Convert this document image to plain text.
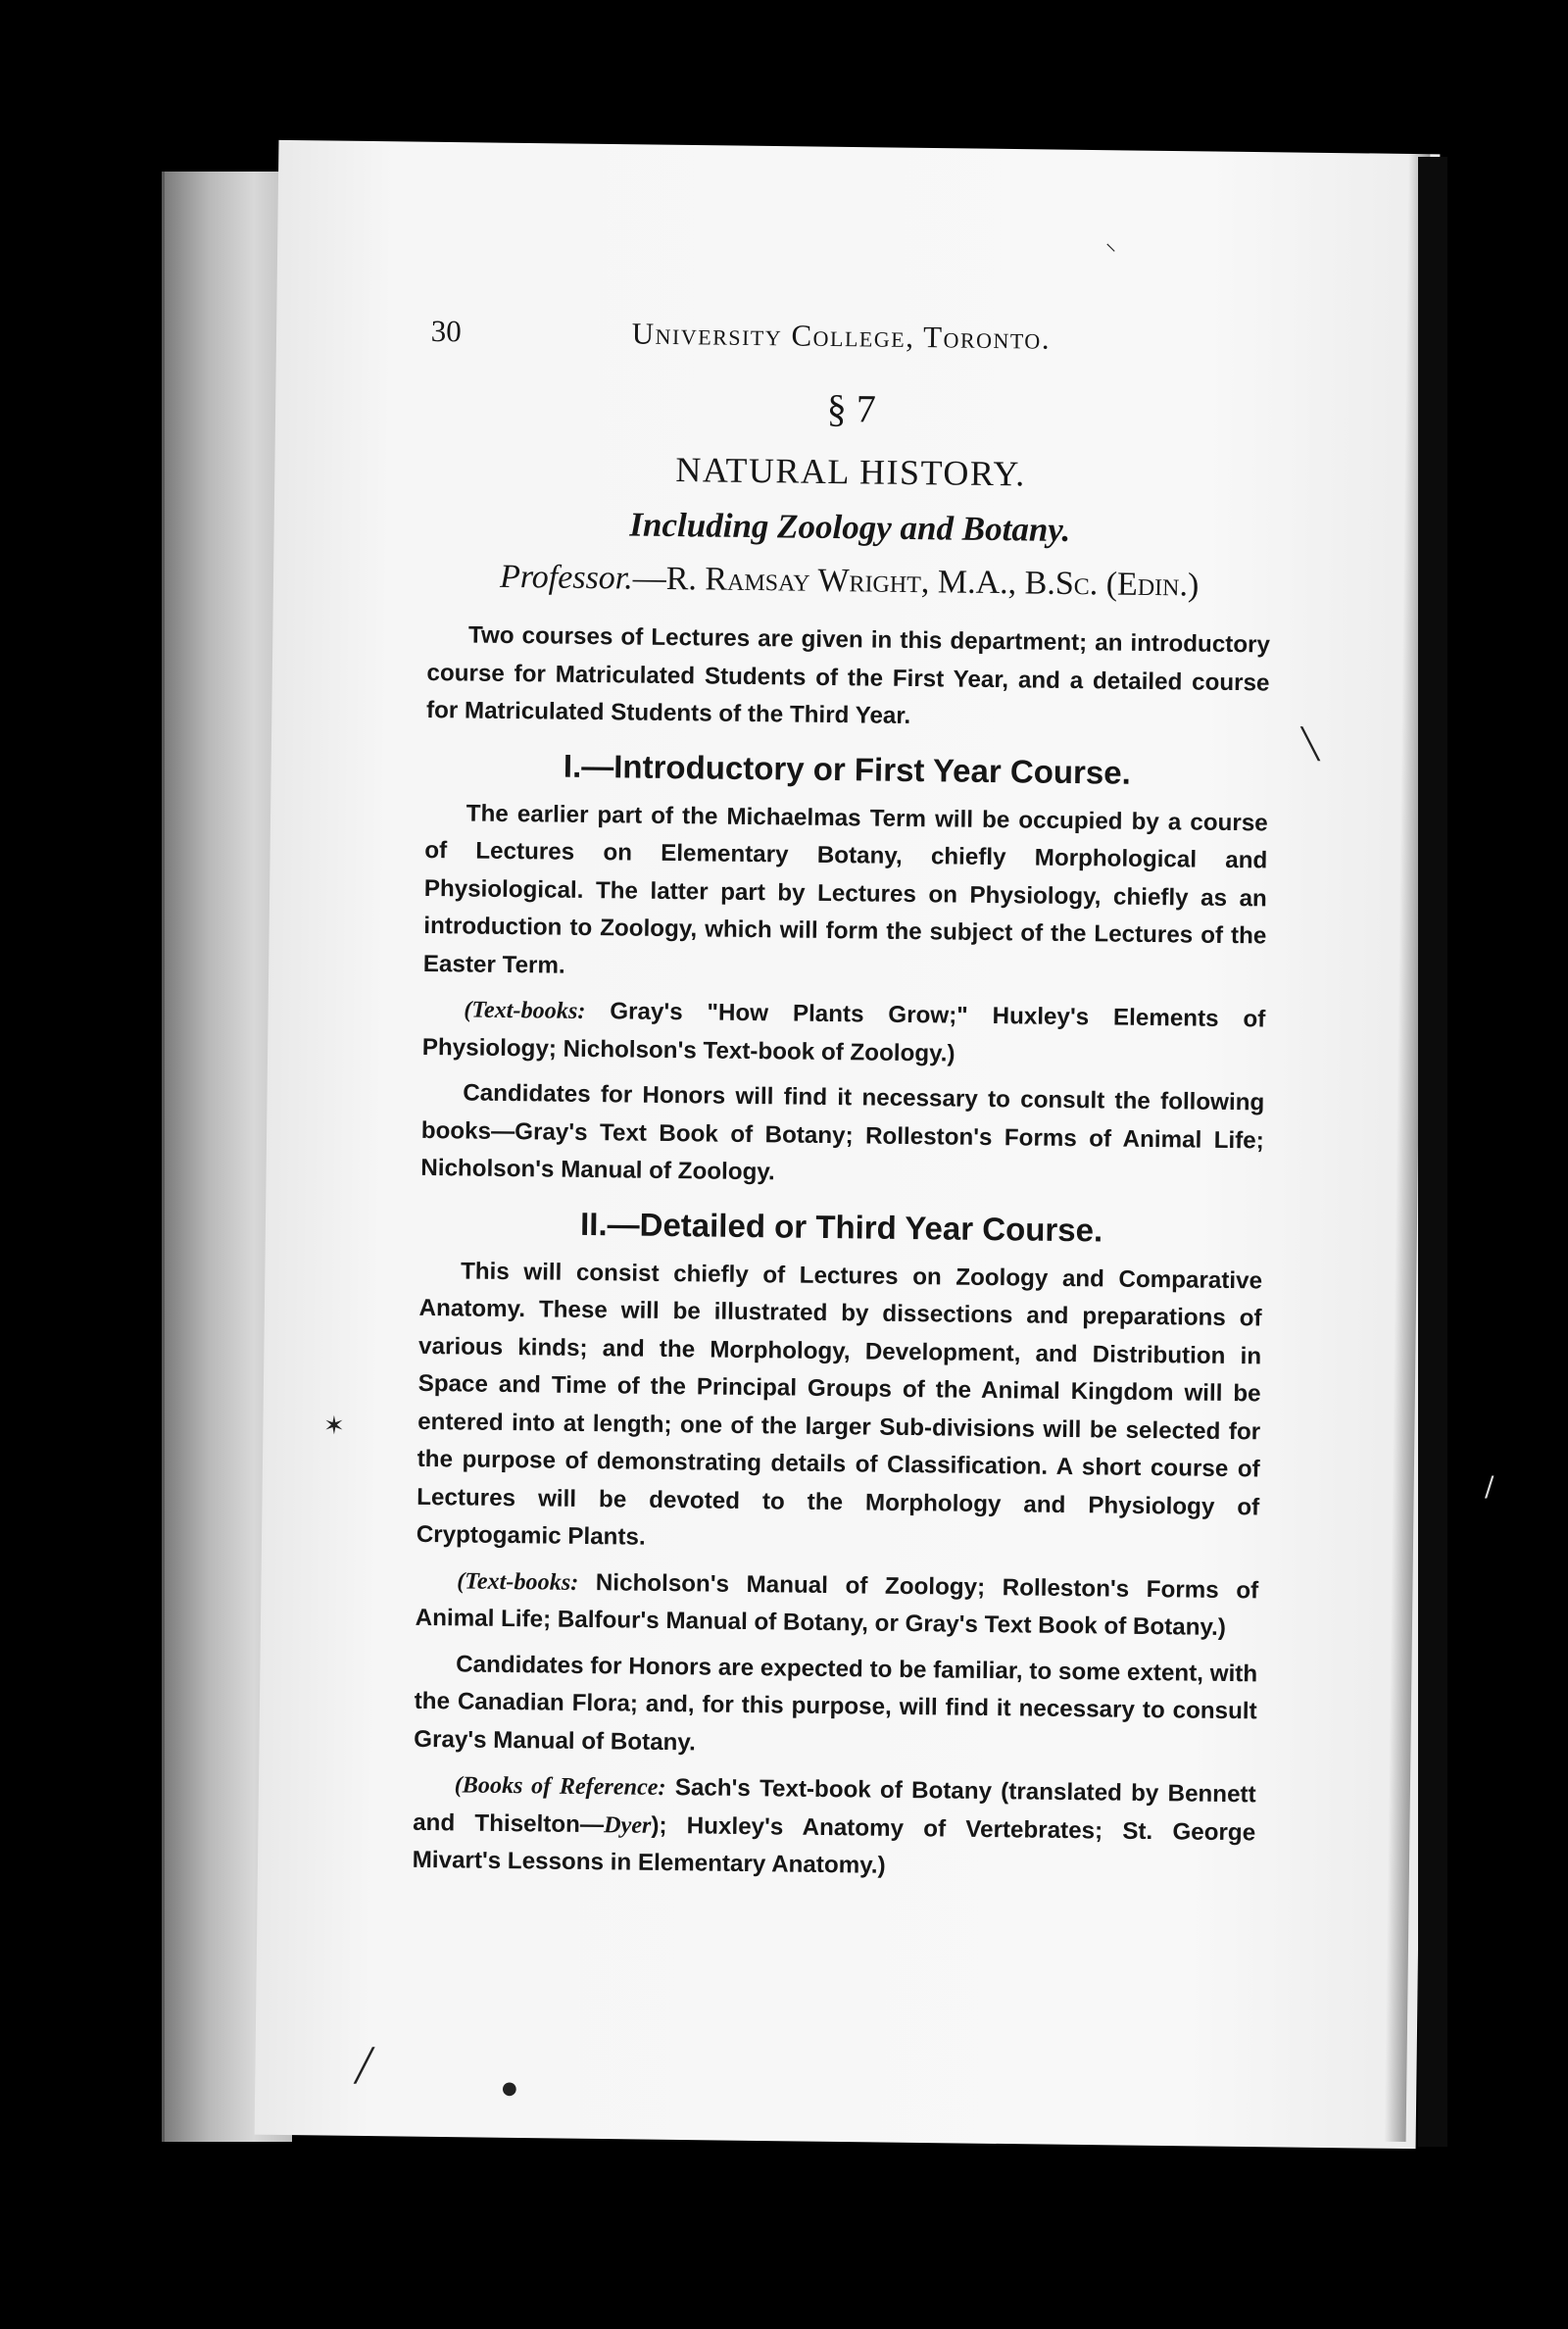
⸜
╲
✶
╱
●
/
30	University College, Toronto.
§ 7
NATURAL HISTORY.
Including Zoology and Botany.
Professor.—R. Ramsay Wright, M.A., B.Sc. (Edin.)

Two courses of Lectures are given in this department; an introductory course for Matriculated Students of the First Year, and a detailed course for Matriculated Students of the Third Year.

I.—Introductory or First Year Course.

The earlier part of the Michaelmas Term will be occupied by a course of Lectures on Elementary Botany, chiefly Morphological and Physiological. The latter part by Lectures on Physiology, chiefly as an introduction to Zoology, which will form the subject of the Lectures of the Easter Term.

(Text-books: Gray's "How Plants Grow;" Huxley's Elements of Physiology; Nicholson's Text-book of Zoology.)

Candidates for Honors will find it necessary to consult the following books—Gray's Text Book of Botany; Rolleston's Forms of Animal Life; Nicholson's Manual of Zoology.

II.—Detailed or Third Year Course.

This will consist chiefly of Lectures on Zoology and Comparative Anatomy. These will be illustrated by dissections and preparations of various kinds; and the Morphology, Development, and Distribution in Space and Time of the Principal Groups of the Animal Kingdom will be entered into at length; one of the larger Sub-divisions will be selected for the purpose of demonstrating details of Classification. A short course of Lectures will be devoted to the Morphology and Physiology of Cryptogamic Plants.

(Text-books: Nicholson's Manual of Zoology; Rolleston's Forms of Animal Life; Balfour's Manual of Botany, or Gray's Text Book of Botany.)

Candidates for Honors are expected to be familiar, to some extent, with the Canadian Flora; and, for this purpose, will find it necessary to consult Gray's Manual of Botany.

(Books of Reference: Sach's Text-book of Botany (translated by Bennett and Thiselton—Dyer); Huxley's Anatomy of Vertebrates; St. George Mivart's Lessons in Elementary Anatomy.)
